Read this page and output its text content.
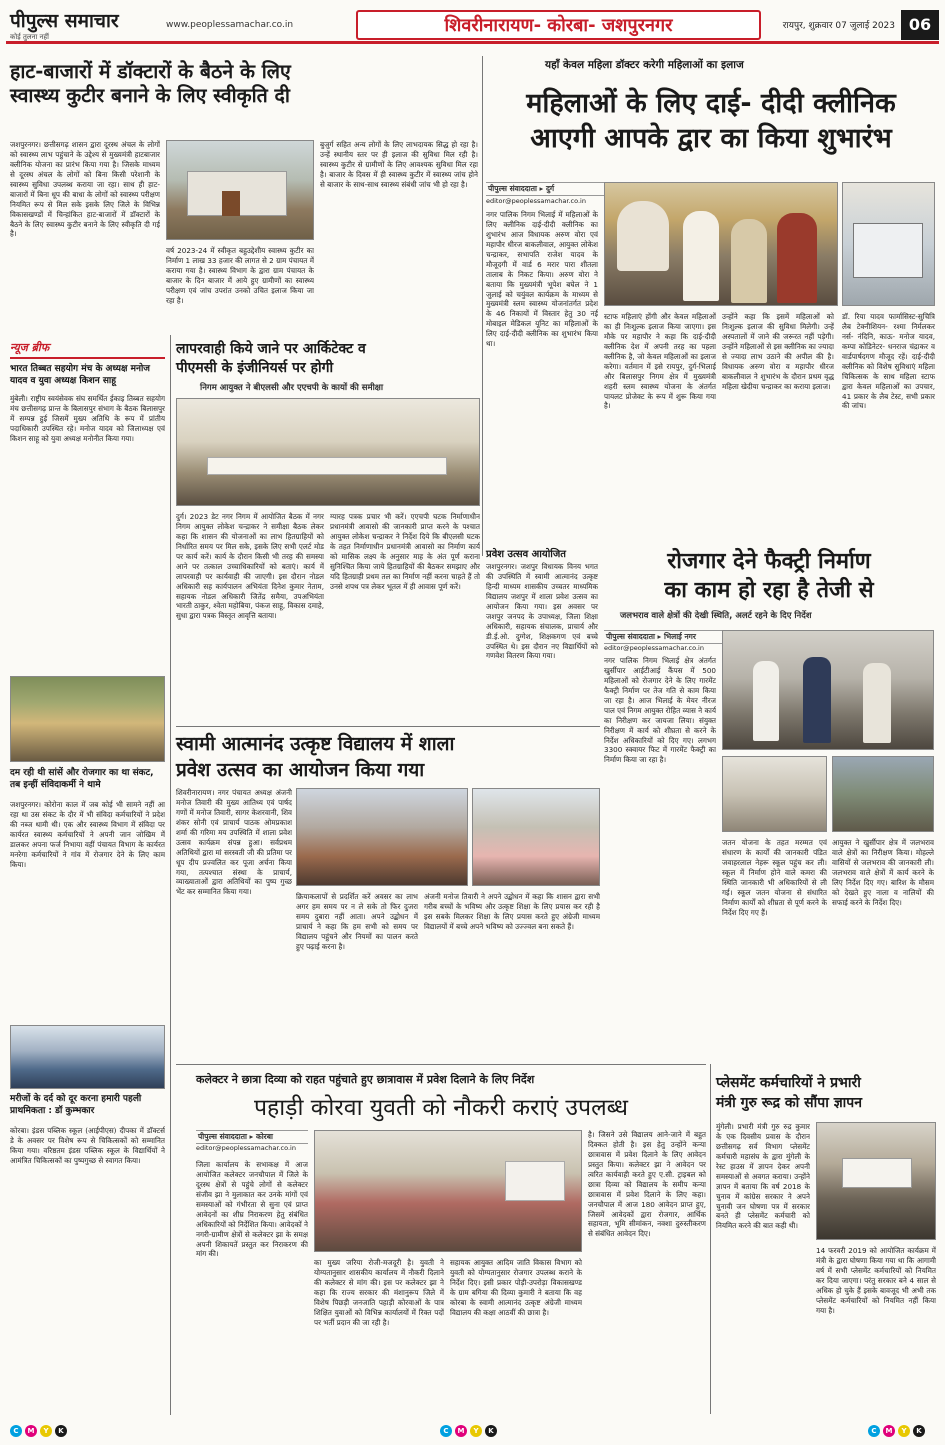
पीपुल्स समाचार
कोई तुलना नहीं
www.peoplessamachar.co.in	शिवरीनारायण- कोरबा- जशपुरनगर	रायपुर, शुक्रवार 07 जुलाई 2023 06
हाट-बाजारों में डॉक्टारों के बैठने के लिए
स्वास्थ्य कुटीर बनाने के लिए स्वीकृति दी
जशपुरनगर। छत्तीसगढ़ शासन द्वारा दूरस्थ अंचल के लोगों को स्वास्थ्य लाभ पहुंचाने के उद्देश्य से मुख्यमंत्री हाटबाजार क्लीनिक योजना का प्रारंभ किया गया है। जिसके माध्यम से दूरस्थ अंचल के लोगों को बिना किसी परेशानी के स्वास्थ्य सुविधा उपलब्ध कराया जा रहा। साथ ही हाट-बाजारों में बिना धूप की बाधा के लोगों को स्वास्थ्य परीक्षण नियमित रूप से मिल सके इसके लिए जिले के विभिन्न विकासखण्डों में चिन्हांकित हाट-बाजारों में डॉक्टारों के बैठने के लिए स्वास्थ्य कुटीर बनाने के लिए स्वीकृति दी गई है।
वर्ष 2023-24 में स्वीकृत बहुउद्देशीय स्वास्थ्य कुटीर का निर्माण 1 लाख 33 हजार की लागत से 2 ग्राम पंचायत में कराया गया है। स्वास्थ्य विभाग के द्वारा ग्राम पंचायत के बाजार के दिन बाजार में आये हुए ग्रामीणों का स्वास्थ्य परीक्षण एवं जांच उपरांत उनको उचित इलाज किया जा रहा है।
बुजुर्ग सहित अन्य लोगों के लिए लाभदायक सिद्ध हो रहा है। उन्हें स्थानीय स्तर पर ही इलाज की सुविधा मिल रही है। स्वास्थ्य कुटीर से ग्रामीणों के लिए आवश्यक सुविधा मिल रहा है। बाजार के दिवस में ही स्वास्थ्य कुटीर में स्वास्थ्य जांच होने से बाजार के साथ-साथ स्वास्थ्य संबंधी जांच भी हो रहा है।
यहाँ केवल महिला डॉक्टर करेगी महिलाओं का इलाज
महिलाओं के लिए दाई- दीदी क्लीनिक
आएगी आपके द्वार का किया शुभारंभ
पीपुल्स संवाददाता ▸ दुर्ग
editor@peoplessamachar.co.in
नगर पालिक निगम भिलाई में महिलाओं के लिए क्लीनिक दाई-दीदी क्लीनिक का शुभारंभ आज विधायक अरुण वोरा एवं महापौर धीरज बाकलीवाल, आयुक्त लोकेश चन्द्राकर, सभापति राजेश यादव के मौजूदगी में वार्ड 6 मरार पारा शीतला तालाब के निकट किया। अरुण वोरा ने बताया कि मुख्यमंत्री भूपेश बघेल ने 1 जुलाई को चयुंवल कार्यक्रम के माध्यम से मुख्यमंत्री स्लम स्वास्थ्य योजनांतर्गत प्रदेश के 46 निकायों में विस्तार हेतु 30 नई मोबाइल मेडिकल यूनिट का महिलाओं के लिए दाई-दीदी क्लीनिक का शुभारंभ किया था।
स्टाफ महिलाएं होंगी और केवल महिलाओं का ही निःशुल्क इलाज किया जाएगा। इस मौके पर महापौर ने कहा कि दाई-दीदी क्लीनिक देश में अपनी तरह का पहला क्लीनिक है, जो केवल महिलाओं का इलाज करेगा। वर्तमान में इसे रायपुर, दुर्ग-भिलाई और बिलासपुर निगम क्षेत्र में मुख्यमंत्री शहरी स्लम स्वास्थ्य योजना के अंतर्गत पायलट प्रोजेक्ट के रूप में शुरू किया गया है।
उन्होंने कहा कि इसमें महिलाओं को निःशुल्क इलाज की सुविधा मिलेगी। उन्हें अस्पतालों में जाने की जरूरत नहीं पड़ेगी। उन्होंने महिलाओं से इस क्लीनिक का ज्यादा से ज्यादा लाभ उठाने की अपील की है। विधायक अरुण वोरा व महापौर धीरज बाकलीवाल ने शुभारंभ के दौरान प्रथम वृद्ध महिला खेदीया चन्द्राकर का कराया इलाज।
डॉ. रिया यादव फार्मासिस्ट-सुचित्रि लैब टेक्नीशियन- रश्मा निर्मलकर नर्स- नंदिनि, काऊ- मनोज यादव, कम्पा कोडिनेटर- धनराज चंद्राकर व वार्डपार्षदगण मौजूद रहें। दाई-दीदी क्लीनिक को विशेष सुविधाएं महिला चिकित्सक के साथ महिला स्टाफ द्वारा केवल महिलाओं का उपचार, 41 प्रकार के लैब टेस्ट, सभी प्रकार की जांच।
न्यूज ब्रीफ
भारत तिब्बत सहयोग मंच के अध्यक्ष मनोज यादव व युवा अध्यक्ष किशन साहू
मुंबेली। राष्ट्रीय स्वयंसेवक संघ समर्थित ईकाइ तिब्बत सहयोग मंच छत्तीसगढ़ प्रान्त के बिलासपुर संभाग के बैठक बिलासपुर में सम्पन्न हुई जिसमें मुख्य अतिथि के रूप में प्रांतीय पदाधिकारी उपस्थित रहे। मनोज यादव को जिलाध्यक्ष एवं किशन साहू को युवा अध्यक्ष मनोनीत किया गया।
दम रही थी सांसें और रोजगार का था संकट, तब इन्हीं संविदाकर्मी ने थामे
जशपुरनगर। कोरोना काल में जब कोई भी सामने नहीं आ रहा था उस संकट के दौर में भी संविदा कर्मचारियों ने प्रदेश की नब्ज थामी थी। एक और स्वास्थ्य विभाग में संविदा पर कार्यरत स्वास्थ्य कर्मचारियों ने अपनी जान जोखिम में डालकर अपना फर्ज निभाया वहीं पंचायत विभाग के कार्यरत मनरेगा कर्मचारियों ने गांव में रोजगार देने के लिए काम किया।
मरीजों के दर्द को दूर करना हमारी पहली प्राथमिकता : डॉ कुम्भकार
कोरबा। इंडस पब्लिक स्कूल (आईपीएस) दीपका में डॉक्टर्स डे के अवसर पर विशेष रूप से चिकित्सकों को सम्मानित किया गया। वरिष्ठतम इंडस पब्लिक स्कूल के विद्यार्थियों ने आमंत्रित चिकित्सकों का पुष्पगुच्छ से स्वागत किया।
लापरवाही किये जाने पर आर्किटेक्ट व
पीएमसी के इंजीनियर्स पर होगी
निगम आयुक्त ने बीएलसी और एएचपी के कायों की समीक्षा
दुर्ग। 2023 डेट नगर निगम में आयोजित बैठक में नगर निगम आयुक्त लोकेश चन्द्राकर ने समीक्षा बैठक लेकर कहा कि शासन की योजनाओं का लाभ हितग्राहियों को निर्धारित समय पर मिल सके, इसके लिए सभी एलर्ट मोड पर कार्य करें। कार्य के दौरान किसी भी तरह की समस्या आने पर तत्काल उच्चाधिकारियों को बताएं। कार्य में लापरवाही पर कार्यवाही की जाएगी। इस दौरान नोडल अधिकारी सह कार्यपालन अभियंता दिनेश कुमार नेताम, सहायक नोडल अधिकारी जितेंद्र समैया, उपअभियंता भारती ठाकुर, श्वेता महोबिया, पंकज साहू, विकास दमाहे, सुधा द्वारा पत्रक विस्तृत आवृत्ति बताया।
ग्यारह पत्रक प्रचार भी करें। एएचपी घटक निर्माणाधीन प्रधानमंत्री आवासो की जानकारी प्राप्त करने के पश्चात आयुक्त लोकेश चन्द्राकर ने निर्देश दिये कि बीएलसी घटक के तहत निर्माणाधीन प्रधानमंत्री आवासो का निर्माण कार्य को मासिक लक्ष्य के अनुसार माह के अंत पूर्ण कराना सुनिश्चित किया जाये हितग्राहियों की बैठकर समझाए और यदि हितग्राही प्रथम तल का निर्माण नहीं करना चाहते हैं तो उनसे शपथ पत्र लेकर भूतल में ही आवास पूर्ण करें।
प्रवेश उत्सव आयोजित
जशपुरनगर। जशपुर विधायक विनय भगत की उपस्थिति में स्वामी आत्मानंद उत्कृष्ट हिन्दी माध्यम शासकीय उच्चतर माध्यमिक विद्यालय जशपुर में शाला प्रवेश उत्सव का आयोजन किया गया। इस अवसर पर जशपुर जनपद के उपाध्यक्ष, जिला शिक्षा अधिकारी, सहायक संचालक, प्राचार्य और डी.ई.ओ. दुग्गेश, शिक्षकगण एवं बच्चे उपस्थित थे। इस दौरान नए विद्यार्थियों को गणवेश वितरण किया गया।
रोजगार देने फैक्ट्री निर्माण
का काम हो रहा है तेजी से
जलभराव वाले क्षेत्रों की देखी स्थिति, अलर्ट रहने के दिए निर्देश
पीपुल्स संवाददाता ▸ भिलाई नगर
editor@peoplessamachar.co.in
नगर पालिक निगम भिलाई क्षेत्र अंतर्गत खुर्सीपार आईटीआई कैंपस में 500 महिलाओं को रोजगार देने के लिए गारमेंट फैक्ट्री निर्माण पर तेज गति से काम किया जा रहा है। आज भिलाई के मेयर नीरज पाल एवं निगम आयुक्त रोहित व्यास ने कार्य का निरीक्षण कर जायजा लिया। संयुक्त निरीक्षण में कार्य को शीघ्रता से करने के निर्देश अधिकारियों को दिए गए। लगभग 3300 स्क्वायर फिट में गारमेंट फैक्ट्री का निर्माण किया जा रहा है।
जतन योजना के तहत मरम्मत एवं संधारण के कार्यों की जानकारी पंडित जवाहरलाल नेहरू स्कूल पहुंच कर ली। स्कूल में निर्माण होने वाले कमरा की स्थिति जानकारी भी अधिकारियों से ली गई। स्कूल जतन योजना से संधारित निर्माण कार्यों को शीघ्रता से पूर्ण करने के निर्देश दिए गए हैं।
आयुक्त ने खुर्सीपार क्षेत्र में जलभराव वाले क्षेत्रों का निरीक्षण किया। मोहल्ले वासियों से जलभराव की जानकारी ली। जलभराव वाले क्षेत्रों में कार्य करने के लिए निर्देश दिए गए। बारिश के मौसम को देखते हुए नाला व नालियों की सफाई करने के निर्देश दिए।
स्वामी आत्मानंद उत्कृष्ट विद्यालय में शाला
प्रवेश उत्सव का आयोजन किया गया
शिवरीनारायण। नगर पंचायत अध्यक्ष अंजनी मनोज तिवारी की मुख्य आतिथ्य एवं पार्षद गणों में मनोज तिवारी, सागर केशरवानी, शिव शंकर सोनी एवं प्राचार्य पाठक ओमप्रकाश शर्मा की गरिमा मय उपस्थिति में शाला प्रवेश उत्सव कार्यक्रम संपन्न हुआ। सर्वप्रथम अतिथियों द्वारा मां सरस्वती जी की प्रतिमा पर धूप दीप प्रज्वलित कर पूजा अर्चना किया गया, तत्पश्चात संस्था के प्राचार्य, व्याख्याताओं द्वारा अतिथियों का पुष्प गुच्छ भेंट कर सम्मानित किया गया।
क्रियाकलापों से प्रदर्शित करें अवसर का लाभ अगर हम समय पर न ले सके तो फिर दुजरा समय दुबारा नहीं आता। अपने उद्बोधन में प्राचार्य ने कहा कि हम सभी को समय पर विद्यालय पहुंचने और नियमों का पालन करते हुए पढ़ाई करना है।
अंजनी मनोज तिवारी ने अपने उद्बोधन में कहा कि शासन द्वारा सभी गरीब बच्चों के भविष्य और उत्कृष्ट शिक्षा के लिए प्रयास कर रही है इस सबके मिलकर शिक्षा के लिए प्रयास करते हुए अंग्रेजी माध्यम विद्यालयों में बच्चे अपने भविष्य को उज्ज्वल बना सकते हैं।
कलेक्टर ने छात्रा दिव्या को राहत पहुंचाते हुए छात्रावास में प्रवेश दिलाने के लिए निर्देश
पहाड़ी कोरवा युवती को नौकरी कराएं उपलब्ध
पीपुल्स संवाददाता ▸ कोरबा
editor@peoplessamachar.co.in
जिला कार्यालय के सभाकक्ष में आज आयोजित कलेक्टर जनचौपाल में जिले के दूरस्थ क्षेत्रों से पहुंचे लोगों से कलेक्टर संजीव झा ने मुलाकात कर उनके मांगों एवं समस्याओं को गंभीरता से सुना एवं प्राप्त आवेदनों का शीघ्र निराकरण हेतु संबंधित अधिकारियों को निर्देशित किया। आवेदकों ने नगरी-ग्रामीण क्षेत्रों से कलेक्टर झा के समक्ष अपनी शिकायतें प्रस्तुत कर निराकरण की मांग की।
का मुख्य जरिया रोजी-मजदूरी है। युवती ने योग्यतानुसार शासकीय कार्यालय में नौकरी दिलाने की कलेक्टर से मांग की। इस पर कलेक्टर झा ने कहा कि राज्य सरकार की मंशानुरूप जिले में विशेष पिछड़ी जनजाति पहाड़ी कोरवाओं के पात्र शिक्षित युवाओं को विभिन्न कार्यालयों में रिक्त पदों पर भर्ती प्रदान की जा रही है।
सहायक आयुक्त आदिम जाति विकास विभाग को युवती को योग्यतानुसार रोजगार उपलब्ध कराने के निर्देश दिए। इसी प्रकार पोड़ी-उपरोड़ा विकासखण्ड के ग्राम बगिया की दिव्या कुमारी ने बताया कि वह कोरबा के स्वामी आत्मानंद उत्कृष्ट अंग्रेजी माध्यम विद्यालय की कक्षा आठवीं की छात्रा है।
है। जिसने उसे विद्यालय आने-जाने में बहुत दिक्कत होती है। इस हेतु उन्होंने कन्या छात्रावास में प्रवेश दिलाने के लिए आवेदन प्रस्तुत किया। कलेक्टर झा ने आवेदन पर त्वरित कार्यवाही करते हुए ए.सी. ट्राइबल को छात्रा दिव्या को विद्यालय के समीप कन्या छात्रावास में प्रवेश दिलाने के लिए कहा। जनचौपाल में आज 180 आवेदन प्राप्त हुए, जिसमें आवेदकों द्वारा रोजगार, आर्थिक सहायता, भूमि सीमांकन, नक्शा दुरुस्तीकरण से संबंधित आवेदन दिए।
प्लेसमेंट कर्मचारियों ने प्रभारी
मंत्री गुरु रूद्र को सौंपा ज्ञापन
मुंगेली। प्रभारी मंत्री गुरु रुद्र कुमार के एक दिवसीय प्रवास के दौरान छत्तीसगढ़ सर्व विभाग प्लेसमेंट कर्मचारी महासंघ के द्वारा मुंगेली के रेस्ट हाउस में ज्ञापन देकर अपनी समस्याओं से अवगत कराया। उन्होंने ज्ञापन में बताया कि वर्ष 2018 के चुनाव में कांग्रेस सरकार ने अपने चुनावी जन घोषणा पत्र में सरकार बनते ही प्लेसमेंट कर्मचारी को नियमित करने की बात कही थी।
14 फरवरी 2019 को आयोजित कार्यक्रम में मंत्री के द्वारा घोषणा किया गया था कि आगामी वर्ष में सभी प्लेसमेंट कर्मचारियों को नियमित कर दिया जाएगा। परंतु सरकार बने 4 साल से अधिक हो चुके हैं इसके बावजूद भी अभी तक प्लेसमेंट कर्मचारियों को नियमित नहीं किया गया है।
C	M	Y	K	C	M	Y	K	C	M	Y	K
